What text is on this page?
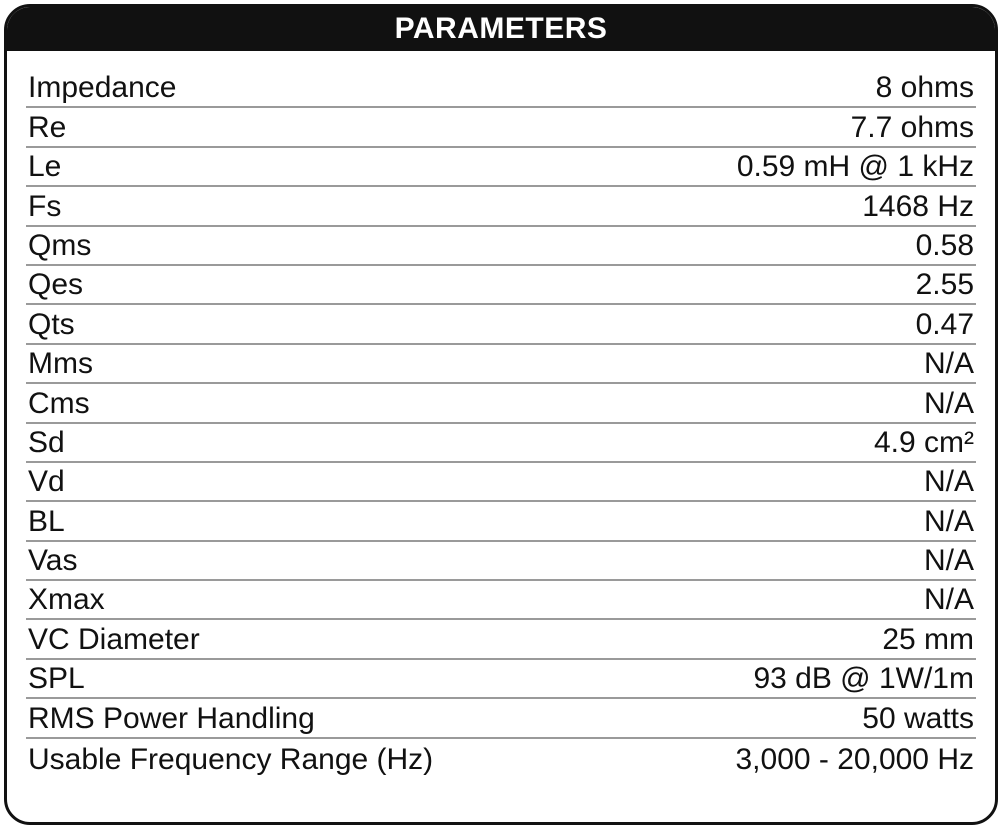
PARAMETERS
Impedance	8 ohms
Re	7.7 ohms
Le	0.59 mH @ 1 kHz
Fs	1468 Hz
Qms	0.58
Qes	2.55
Qts	0.47
Mms	N/A
Cms	N/A
Sd	4.9 cm²
Vd	N/A
BL	N/A
Vas	N/A
Xmax	N/A
VC Diameter	25 mm
SPL	93 dB @ 1W/1m
RMS Power Handling	50 watts
Usable Frequency Range (Hz)	3,000 - 20,000 Hz
